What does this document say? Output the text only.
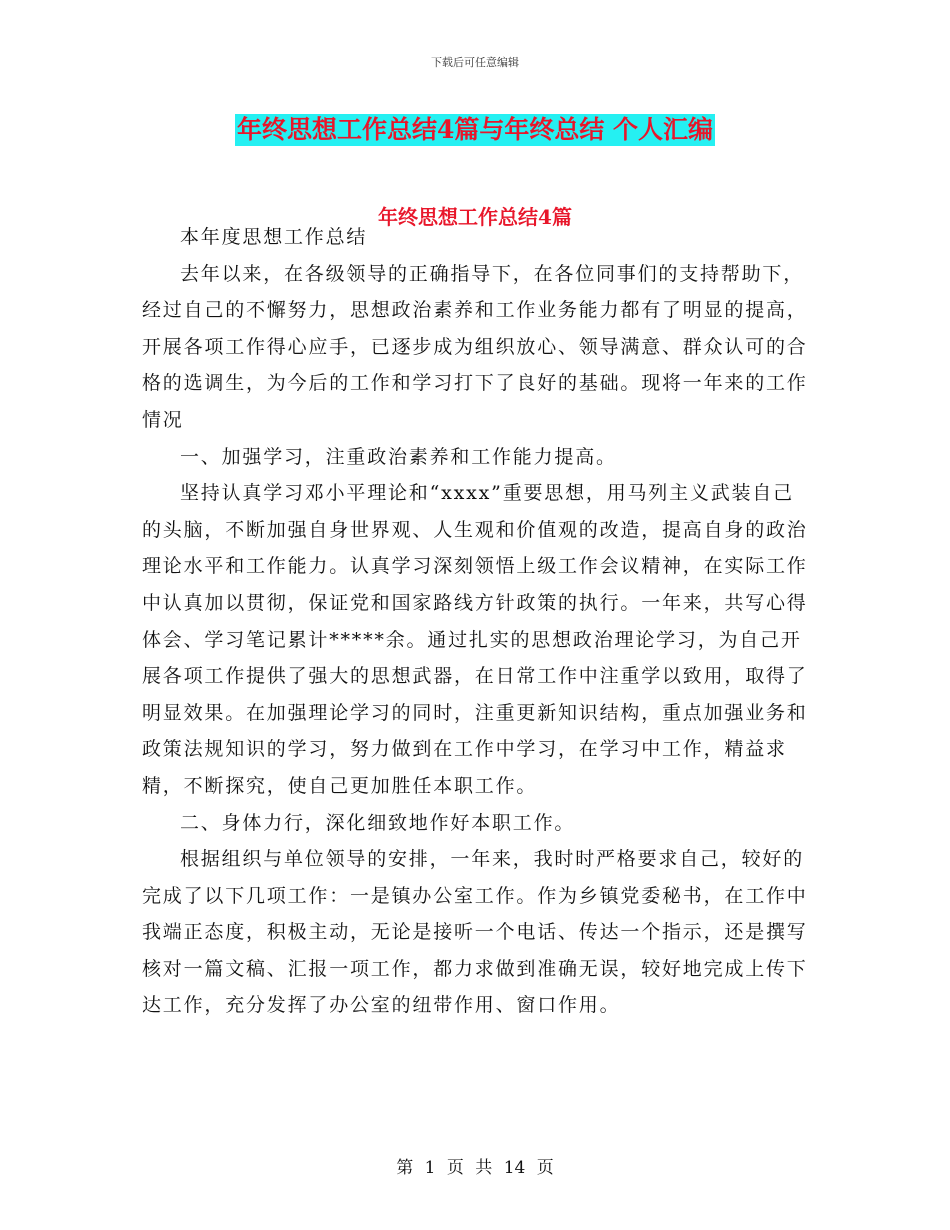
下载后可任意编辑
年终思想工作总结4篇与年终总结 个人汇编
年终思想工作总结4篇

本年度思想工作总结

去年以来，在各级领导的正确指导下，在各位同事们的支持帮助下，经过自己的不懈努力，思想政治素养和工作业务能力都有了明显的提高，开展各项工作得心应手，已逐步成为组织放心、领导满意、群众认可的合格的选调生，为今后的工作和学习打下了良好的基础。现将一年来的工作情况

一、加强学习，注重政治素养和工作能力提高。

坚持认真学习邓小平理论和“xxxx”重要思想，用马列主义武装自己的头脑，不断加强自身世界观、人生观和价值观的改造，提高自身的政治理论水平和工作能力。认真学习深刻领悟上级工作会议精神，在实际工作中认真加以贯彻，保证党和国家路线方针政策的执行。一年来，共写心得体会、学习笔记累计*****余。通过扎实的思想政治理论学习，为自己开展各项工作提供了强大的思想武器，在日常工作中注重学以致用，取得了明显效果。在加强理论学习的同时，注重更新知识结构，重点加强业务和政策法规知识的学习，努力做到在工作中学习，在学习中工作，精益求精，不断探究，使自己更加胜任本职工作。

二、身体力行，深化细致地作好本职工作。

根据组织与单位领导的安排，一年来，我时时严格要求自己，较好的完成了以下几项工作：一是镇办公室工作。作为乡镇党委秘书，在工作中我端正态度，积极主动，无论是接听一个电话、传达一个指示，还是撰写核对一篇文稿、汇报一项工作，都力求做到准确无误，较好地完成上传下达工作，充分发挥了办公室的纽带作用、窗口作用。

第 1 页 共 14 页
